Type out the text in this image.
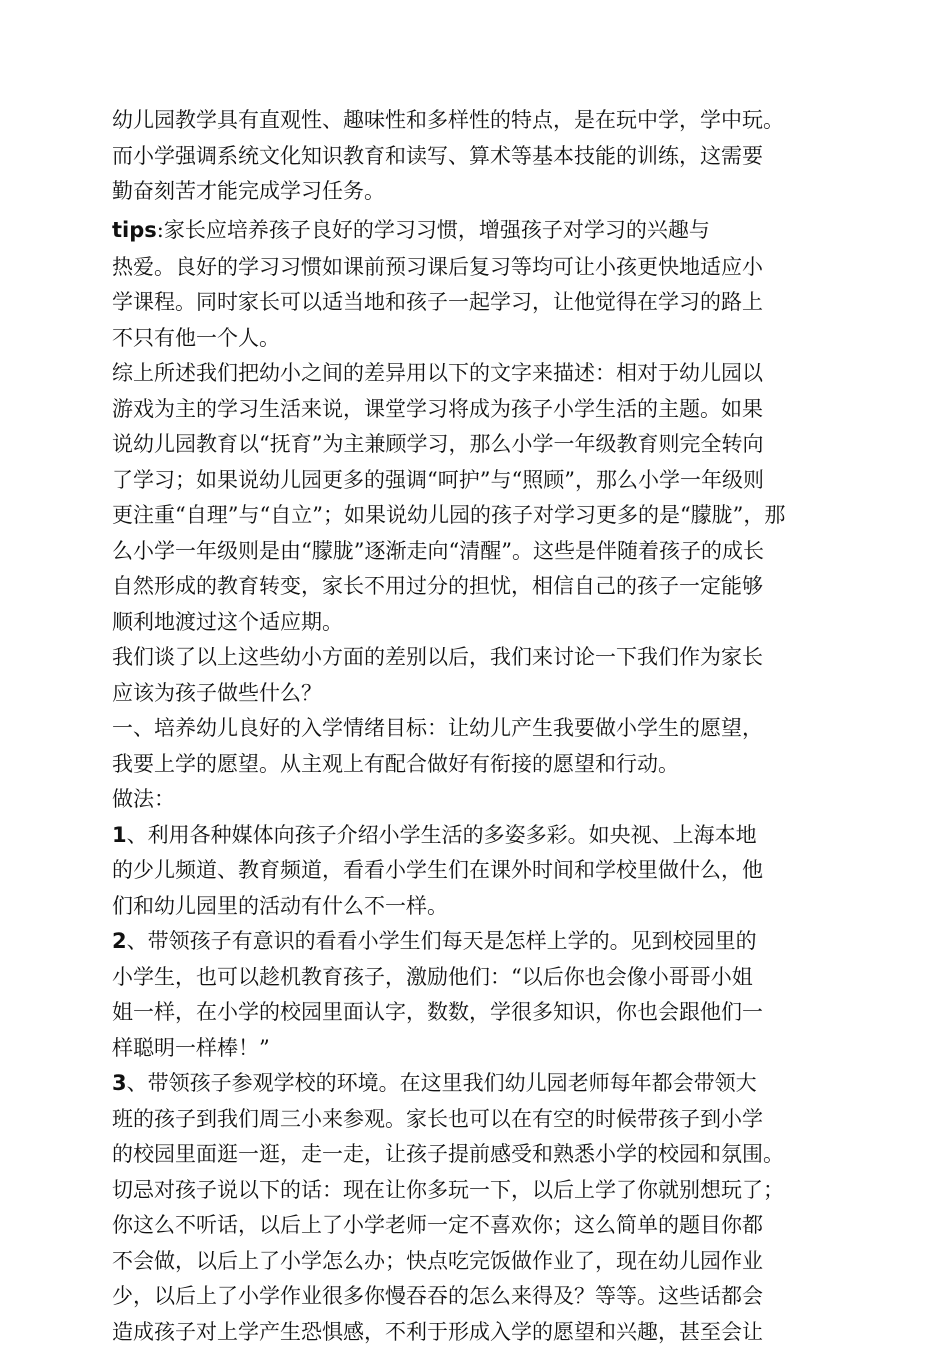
幼儿园教学具有直观性、趣味性和多样性的特点，是在玩中学，学中玩。
而小学强调系统文化知识教育和读写、算术等基本技能的训练，这需要
勤奋刻苦才能完成学习任务。
tips:家长应培养孩子良好的学习习惯，增强孩子对学习的兴趣与
热爱。良好的学习习惯如课前预习课后复习等均可让小孩更快地适应小
学课程。同时家长可以适当地和孩子一起学习，让他觉得在学习的路上
不只有他一个人。
综上所述我们把幼小之间的差异用以下的文字来描述：相对于幼儿园以
游戏为主的学习生活来说，课堂学习将成为孩子小学生活的主题。如果
说幼儿园教育以“抚育”为主兼顾学习，那么小学一年级教育则完全转向
了学习；如果说幼儿园更多的强调“呵护”与“照顾”，那么小学一年级则
更注重“自理”与“自立”；如果说幼儿园的孩子对学习更多的是“朦胧”，那
么小学一年级则是由“朦胧”逐渐走向“清醒”。这些是伴随着孩子的成长
自然形成的教育转变，家长不用过分的担忧，相信自己的孩子一定能够
顺利地渡过这个适应期。
我们谈了以上这些幼小方面的差别以后，我们来讨论一下我们作为家长
应该为孩子做些什么？
一、培养幼儿良好的入学情绪目标：让幼儿产生我要做小学生的愿望，
我要上学的愿望。从主观上有配合做好有衔接的愿望和行动。
做法：
1、利用各种媒体向孩子介绍小学生活的多姿多彩。如央视、上海本地
的少儿频道、教育频道，看看小学生们在课外时间和学校里做什么，他
们和幼儿园里的活动有什么不一样。
2、带领孩子有意识的看看小学生们每天是怎样上学的。见到校园里的
小学生，也可以趁机教育孩子，激励他们：“以后你也会像小哥哥小姐
姐一样，在小学的校园里面认字，数数，学很多知识，你也会跟他们一
样聪明一样棒！”
3、带领孩子参观学校的环境。在这里我们幼儿园老师每年都会带领大
班的孩子到我们周三小来参观。家长也可以在有空的时候带孩子到小学
的校园里面逛一逛，走一走，让孩子提前感受和熟悉小学的校园和氛围。
切忌对孩子说以下的话：现在让你多玩一下，以后上学了你就别想玩了；
你这么不听话，以后上了小学老师一定不喜欢你；这么简单的题目你都
不会做，以后上了小学怎么办；快点吃完饭做作业了，现在幼儿园作业
少，以后上了小学作业很多你慢吞吞的怎么来得及？等等。这些话都会
造成孩子对上学产生恐惧感，不利于形成入学的愿望和兴趣，甚至会让
